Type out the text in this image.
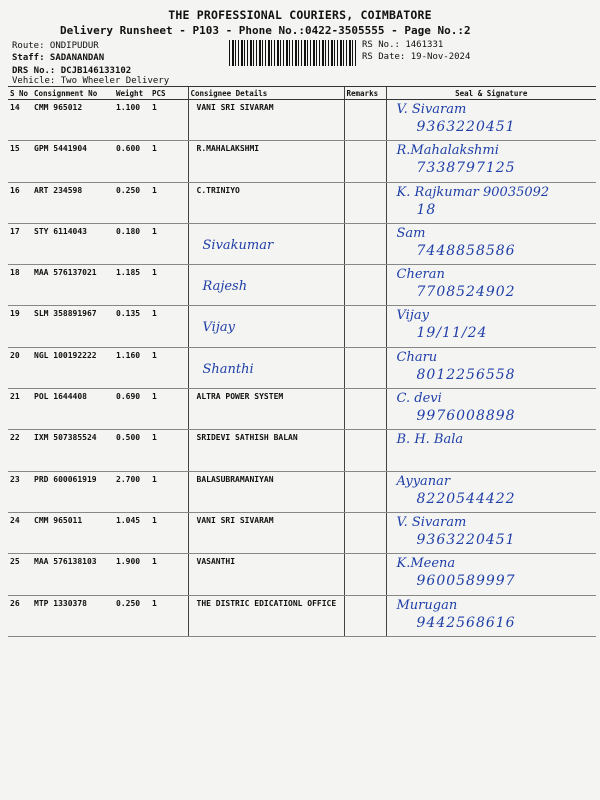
THE PROFESSIONAL COURIERS, COIMBATORE
Delivery Runsheet - P103 - Phone No.:0422-3505555 - Page No.:2
Route: ONDIPUDUR
Staff: SADANANDAN
DRS No.: DCJB146133102
Vehicle: Two Wheeler Delivery
RS No.: 1461331
RS Date: 19-Nov-2024
S No	Consignment No	Weight	PCS	Consignee Details	Remarks	Seal & Signature
14	CMM 965012	1.100	1	VANI SRI SIVARAM		V. Sivaram
9363220451

15	GPM 5441904	0.600	1	R.MAHALAKSHMI		R.Mahalakshmi
7338797125

16	ART 234598	0.250	1	C.TRINIYO		K. Rajkumar 90035092
18

17	STY 6114043	0.180	1	Sivakumar		Sam
7448858586

18	MAA 576137021	1.185	1	Rajesh		Cheran
7708524902

19	SLM 358891967	0.135	1	Vijay		Vijay
19/11/24

20	NGL 100192222	1.160	1	Shanthi		Charu
8012256558

21	POL 1644408	0.690	1	ALTRA POWER SYSTEM		C. devi
9976008898

22	IXM 507385524	0.500	1	SRIDEVI SATHISH BALAN		B. H. Bala

23	PRD 600061919	2.700	1	BALASUBRAMANIYAN		Ayyanar
8220544422

24	CMM 965011	1.045	1	VANI SRI SIVARAM		V. Sivaram
9363220451

25	MAA 576138103	1.900	1	VASANTHI		K.Meena
9600589997

26	MTP 1330378	0.250	1	THE DISTRIC EDICATIONL OFFICE		Murugan
9442568616
